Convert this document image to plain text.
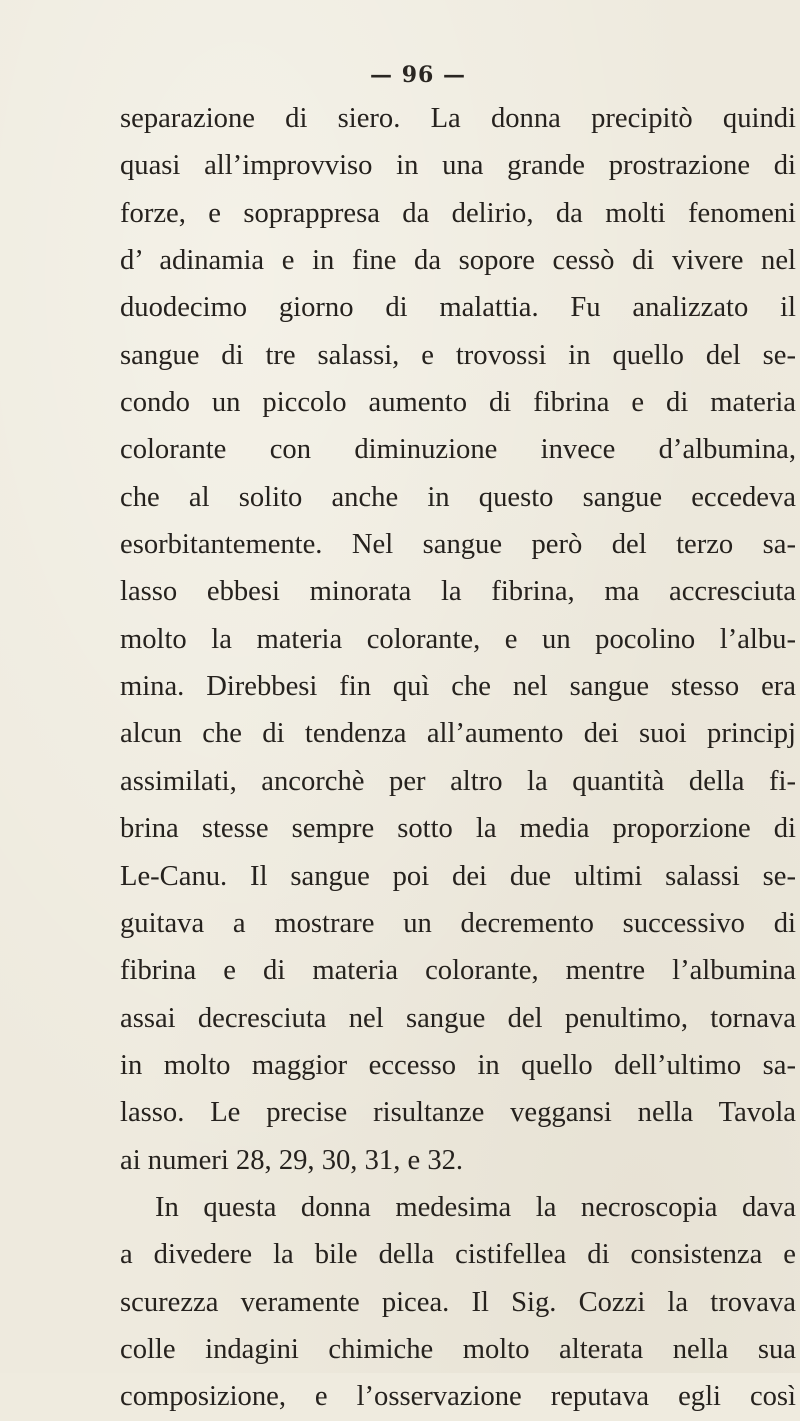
— 96 —
separazione di siero. La donna precipitò quindi
quasi all’improvviso in una grande prostrazione di
forze, e soprappresa da delirio, da molti fenomeni
d’ adinamia e in fine da sopore cessò di vivere nel
duodecimo giorno di malattia. Fu analizzato il
sangue di tre salassi, e trovossi in quello del se-
condo un piccolo aumento di fibrina e di materia
colorante con diminuzione invece d’albumina,
che al solito anche in questo sangue eccedeva
esorbitantemente. Nel sangue però del terzo sa-
lasso ebbesi minorata la fibrina, ma accresciuta
molto la materia colorante, e un pocolino l’albu-
mina. Direbbesi fin quì che nel sangue stesso era
alcun che di tendenza all’aumento dei suoi principj
assimilati, ancorchè per altro la quantità della fi-
brina stesse sempre sotto la media proporzione di
Le-Canu. Il sangue poi dei due ultimi salassi se-
guitava a mostrare un decremento successivo di
fibrina e di materia colorante, mentre l’albumina
assai decresciuta nel sangue del penultimo, tornava
in molto maggior eccesso in quello dell’ultimo sa-
lasso. Le precise risultanze veggansi nella Tavola
ai numeri 28, 29, 30, 31, e 32.
In questa donna medesima la necroscopia dava
a divedere la bile della cistifellea di consistenza e
scurezza veramente picea. Il Sig. Cozzi la trovava
colle indagini chimiche molto alterata nella sua
composizione, e l’osservazione reputava egli così
